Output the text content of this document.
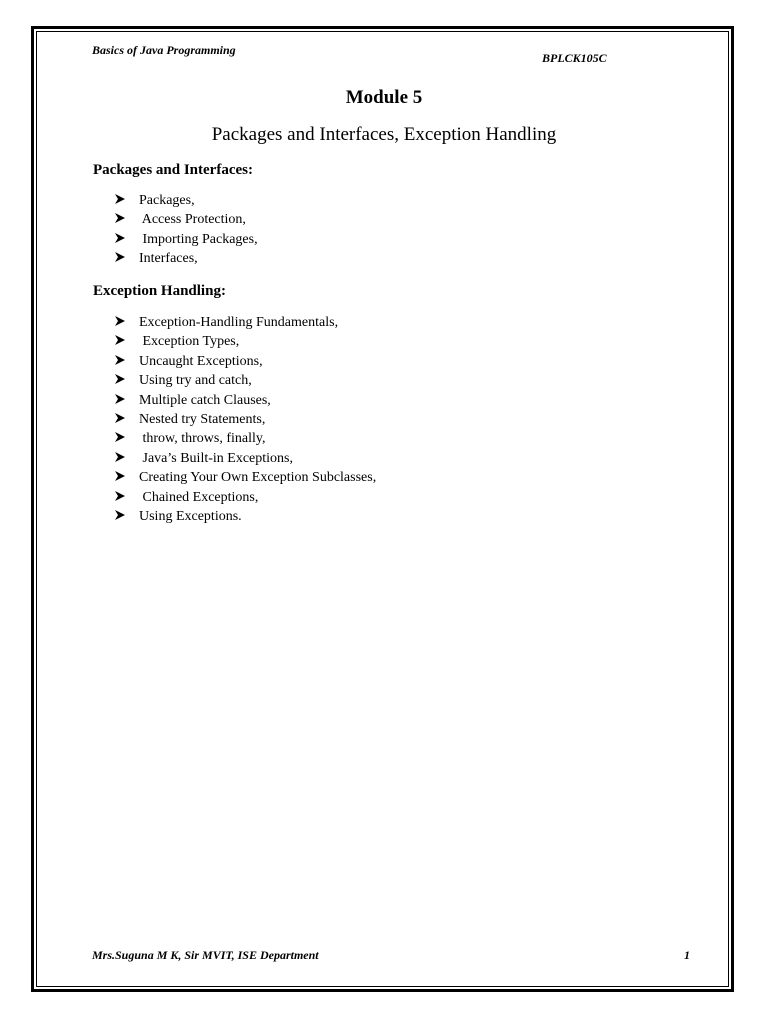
Basics of Java Programming
BPLCK105C
Module 5
Packages and Interfaces, Exception Handling
Packages and Interfaces:
Packages,
Access Protection,
Importing Packages,
Interfaces,
Exception Handling:
Exception-Handling Fundamentals,
Exception Types,
Uncaught Exceptions,
Using try and catch,
Multiple catch Clauses,
Nested try Statements,
throw, throws, finally,
Java’s Built-in Exceptions,
Creating Your Own Exception Subclasses,
Chained Exceptions,
Using Exceptions.
Mrs.Suguna M K, Sir MVIT, ISE Department	1
